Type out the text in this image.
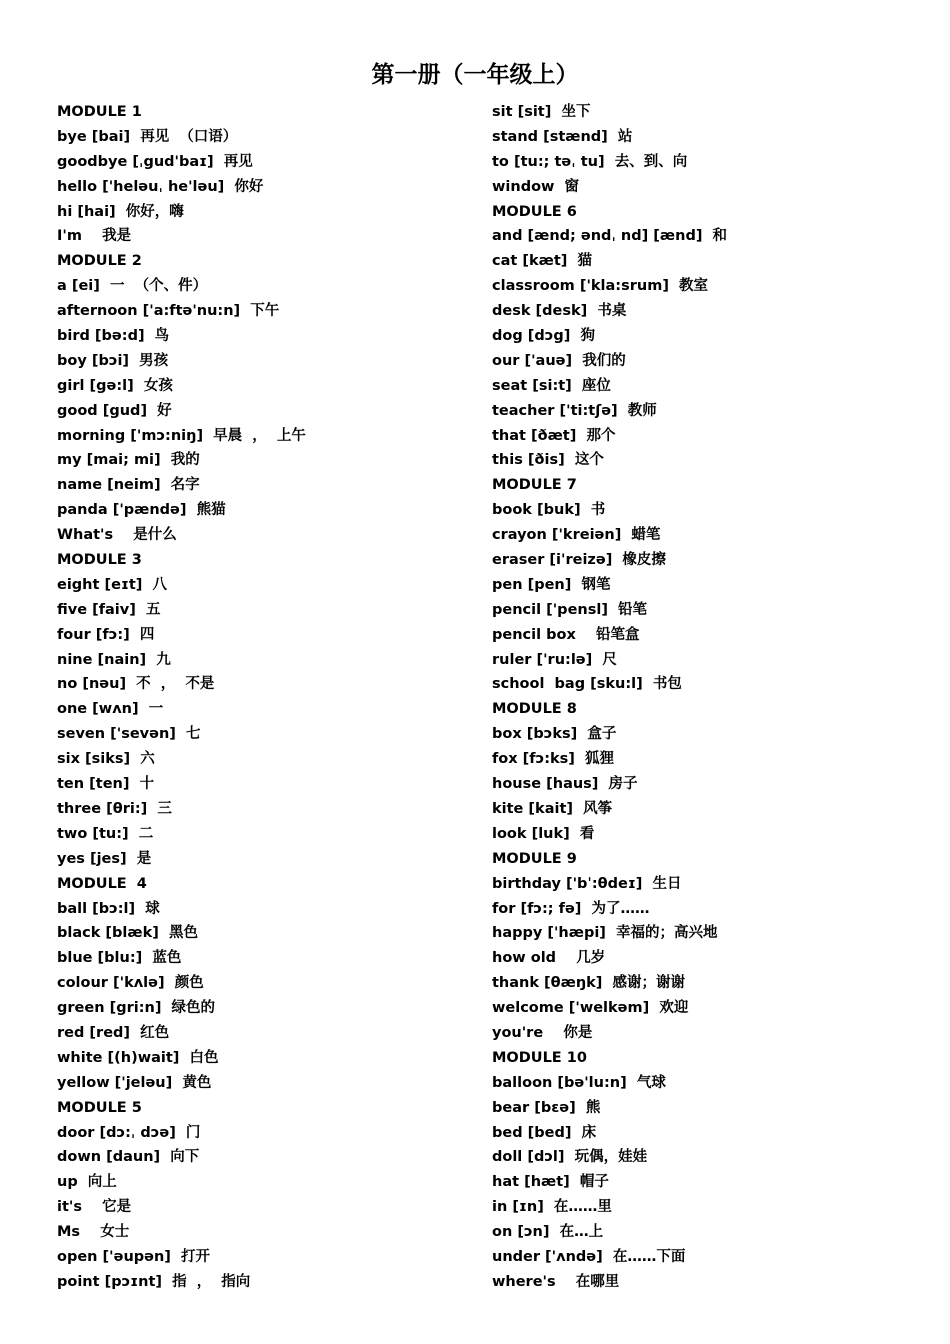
第一册（一年级上）
MODULE 1
bye [bai]  再见  （口语）
goodbye [ˌgud'baɪ]  再见
hello ['heləuˌ he'ləu]  你好
hi [hai]  你好，嗨
I'm    我是
MODULE 2
a [ei]  一  （个、件）
afternoon ['a:ftə'nu:n]  下午
bird [bə:d]  鸟
boy [bɔi]  男孩
girl [gə:l]  女孩
good [gud]  好
morning ['mɔ:niŋ]  早晨  ，  上午
my [mai; mi]  我的
name [neim]  名字
panda ['pændə]  熊猫
What's    是什么
MODULE 3
eight [eɪt]  八
five [faiv]  五
four [fɔ:]  四
nine [nain]  九
no [nəu]  不  ，  不是
one [wʌn]  一
seven ['sevən]  七
six [siks]  六
ten [ten]  十
three [θri:]  三
two [tu:]  二
yes [jes]  是
MODULE  4
ball [bɔ:l]  球
black [blæk]  黑色
blue [blu:]  蓝色
colour ['kʌlə]  颜色
green [gri:n]  绿色的
red [red]  红色
white [(h)wait]  白色
yellow ['jeləu]  黄色
MODULE 5
door [dɔ:ˌ dɔə]  门
down [daun]  向下
up  向上
it's    它是
Ms    女士
open ['əupən]  打开
point [pɔɪnt]  指  ，  指向
sit [sit]  坐下
stand [stænd]  站
to [tu:; təˌ tu]  去、到、向
window  窗
MODULE 6
and [ænd; əndˌ nd] [ænd]  和
cat [kæt]  猫
classroom ['kla:srum]  教室
desk [desk]  书桌
dog [dɔg]  狗
our ['auə]  我们的
seat [si:t]  座位
teacher ['ti:tʃə]  教师
that [ðæt]  那个
this [ðis]  这个
MODULE 7
book [buk]  书
crayon ['kreiən]  蜡笔
eraser [i'reizə]  橡皮擦
pen [pen]  钢笔
pencil ['pensl]  铅笔
pencil box    铅笔盒
ruler ['ru:lə]  尺
school  bag [sku:l]  书包
MODULE 8
box [bɔks]  盒子
fox [fɔ:ks]  狐狸
house [haus]  房子
kite [kait]  风筝
look [luk]  看
MODULE 9
birthday ['bˈ:θdeɪ]  生日
for [fɔ:; fə]  为了……
happy ['hæpi]  幸福的；高兴地
how old    几岁
thank [θæŋk]  感谢；谢谢
welcome ['welkəm]  欢迎
you're    你是
MODULE 10
balloon [bə'lu:n]  气球
bear [bɛə]  熊
bed [bed]  床
doll [dɔl]  玩偶，娃娃
hat [hæt]  帽子
in [ɪn]  在……里
on [ɔn]  在…上
under ['ʌndə]  在……下面
where's    在哪里
